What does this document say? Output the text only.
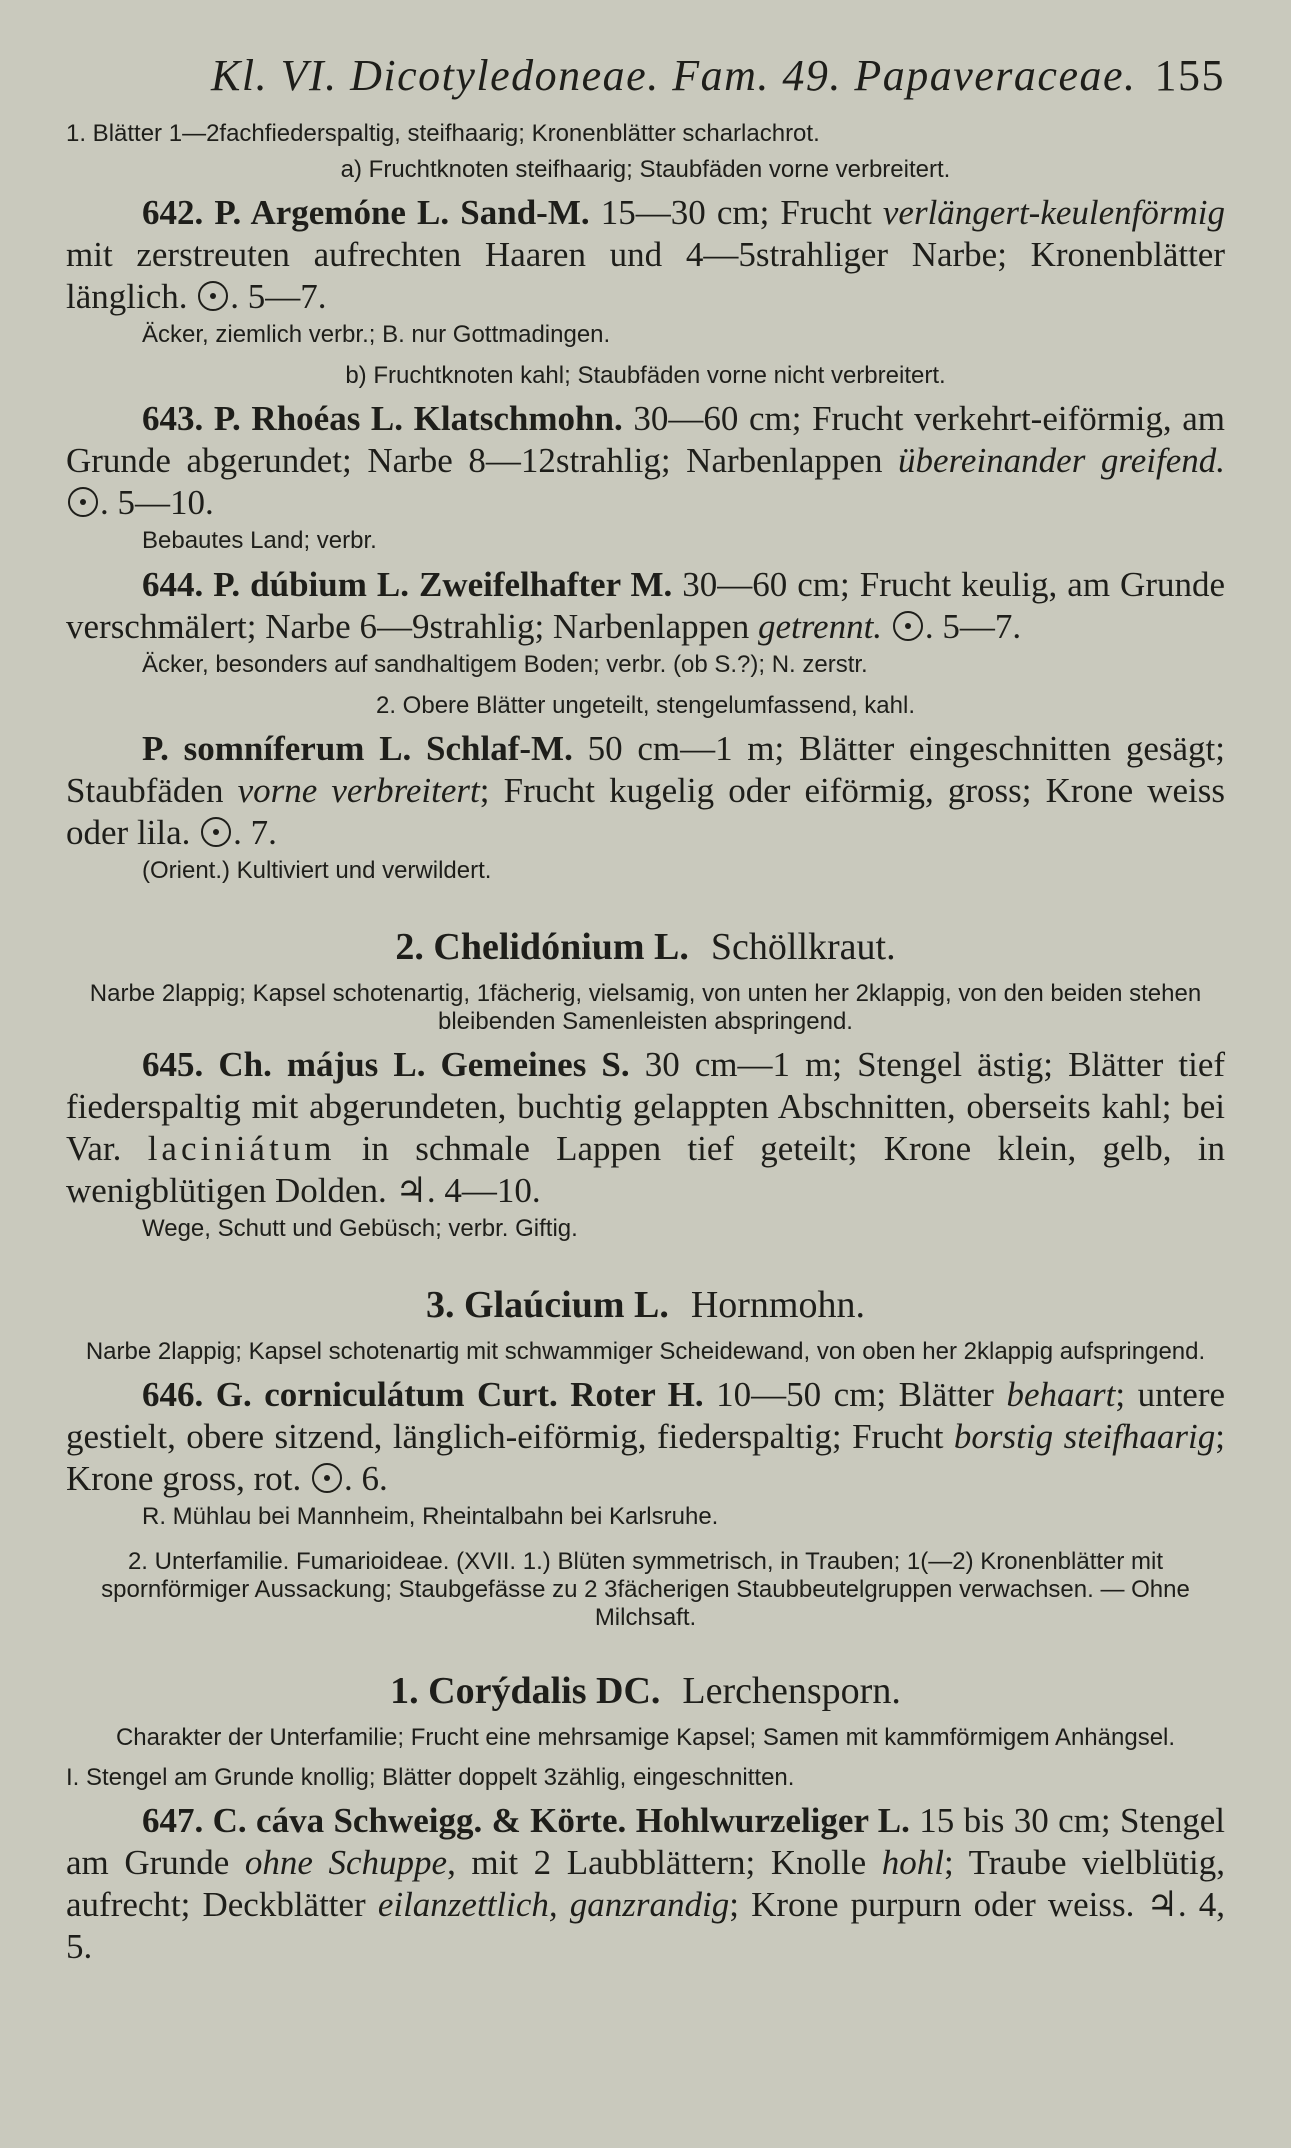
Kl. VI. Dicotyledoneae. Fam. 49. Papaveraceae. 155

1. Blätter 1—2fachfiederspaltig, steifhaarig; Kronenblätter scharlachrot.

a) Fruchtknoten steifhaarig; Staubfäden vorne verbreitert.

642. P. Argemóne L. Sand-M. 15—30 cm; Frucht verlängert-keulenförmig mit zerstreuten aufrechten Haaren und 4—5strahliger Narbe; Kronenblätter länglich. . 5—7.

Äcker, ziemlich verbr.; B. nur Gottmadingen.

b) Fruchtknoten kahl; Staubfäden vorne nicht verbreitert.

643. P. Rhoéas L. Klatschmohn. 30—60 cm; Frucht verkehrt-eiförmig, am Grunde abgerundet; Narbe 8—12strahlig; Narbenlappen übereinander greifend. . 5—10.

Bebautes Land; verbr.

644. P. dúbium L. Zweifelhafter M. 30—60 cm; Frucht keulig, am Grunde verschmälert; Narbe 6—9strahlig; Narbenlappen getrennt. . 5—7.

Äcker, besonders auf sandhaltigem Boden; verbr. (ob S.?); N. zerstr.

2. Obere Blätter ungeteilt, stengelumfassend, kahl.

P. somníferum L. Schlaf-M. 50 cm—1 m; Blätter eingeschnitten gesägt; Staubfäden vorne verbreitert; Frucht kugelig oder eiförmig, gross; Krone weiss oder lila. . 7.

(Orient.) Kultiviert und verwildert.

2. Chelidónium L. Schöllkraut.

Narbe 2lappig; Kapsel schotenartig, 1fächerig, vielsamig, von unten her 2klappig, von den beiden stehen bleibenden Samenleisten abspringend.

645. Ch. május L. Gemeines S. 30 cm—1 m; Stengel ästig; Blätter tief fiederspaltig mit abgerundeten, buchtig gelappten Abschnitten, oberseits kahl; bei Var. laciniátum in schmale Lappen tief geteilt; Krone klein, gelb, in wenigblütigen Dolden. ♃. 4—10.

Wege, Schutt und Gebüsch; verbr. Giftig.

3. Glaúcium L. Hornmohn.

Narbe 2lappig; Kapsel schotenartig mit schwammiger Scheidewand, von oben her 2klappig aufspringend.

646. G. corniculátum Curt. Roter H. 10—50 cm; Blätter behaart; untere gestielt, obere sitzend, länglich-eiförmig, fiederspaltig; Frucht borstig steifhaarig; Krone gross, rot. . 6.

R. Mühlau bei Mannheim, Rheintalbahn bei Karlsruhe.

2. Unterfamilie. Fumarioideae. (XVII. 1.) Blüten symmetrisch, in Trauben; 1(—2) Kronenblätter mit spornförmiger Aussackung; Staubgefässe zu 2 3fächerigen Staubbeutelgruppen verwachsen. — Ohne Milchsaft.

1. Corýdalis DC. Lerchensporn.

Charakter der Unterfamilie; Frucht eine mehrsamige Kapsel; Samen mit kammförmigem Anhängsel.

I. Stengel am Grunde knollig; Blätter doppelt 3zählig, eingeschnitten.

647. C. cáva Schweigg. & Körte. Hohlwurzeliger L. 15 bis 30 cm; Stengel am Grunde ohne Schuppe, mit 2 Laubblättern; Knolle hohl; Traube vielblütig, aufrecht; Deckblätter eilanzettlich, ganzrandig; Krone purpurn oder weiss. ♃. 4, 5.
